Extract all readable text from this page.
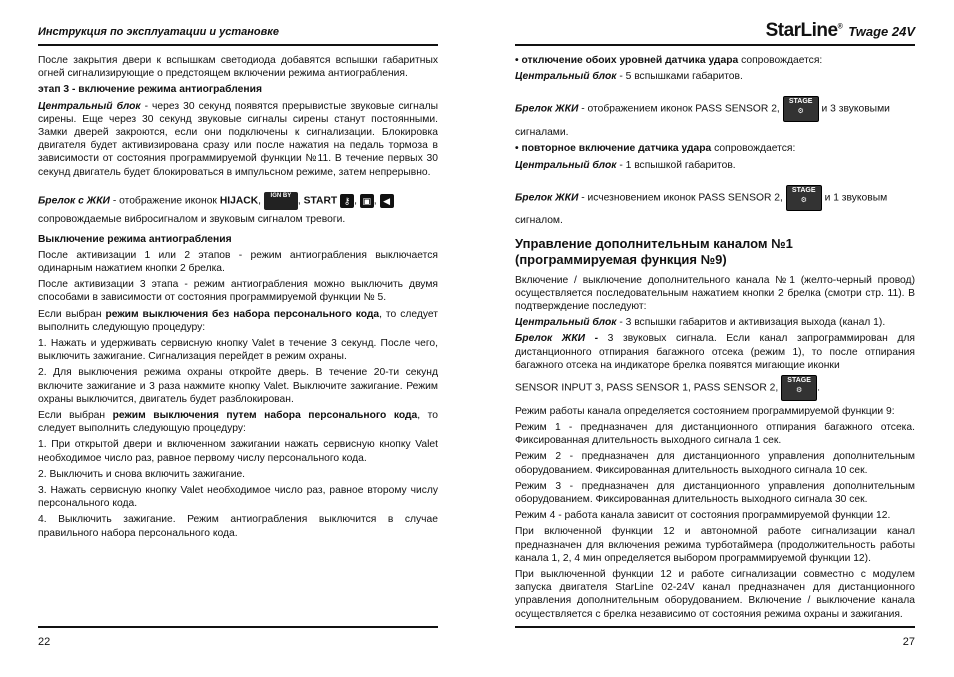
Инструкция по эксплуатации и установке

После закрытия двери к вспышкам светодиода добавятся вспышки габаритных огней сигнализирующие о предстоящем включении режима антиограбления.

этап 3 - включение режима антиограбления

Центральный блок - через 30 секунд появятся прерывистые звуковые сигналы сирены. Еще через 30 секунд звуковые сигналы сирены станут постоянными. Замки дверей закроются, если они подключены к сигнализации. Блокировка двигателя будет активизирована сразу или после нажатия на педаль тормоза в зависимости от состояния программируемой функции №11. В течение первых 30 секунд двигатель будет блокироваться в импульсном режиме, затем непрерывно.

Брелок с ЖКИ - отображение иконок HIJACK, IGN BY , START ⚷ , ▣ , ◀
сопровождаемые вибросигналом и звуковым сигналом тревоги.

Выключение режима антиограбления

После активизации 1 или 2 этапов - режим антиограбления выключается одинарным нажатием кнопки 2 брелка.

После активизации 3 этапа - режим антиограбления можно выключить двумя способами в зависимости от состояния программируемой функции № 5.

Если выбран режим выключения без набора персонального кода, то следует выполнить следующую процедуру:

1. Нажать и удерживать сервисную кнопку Valet в течение 3 секунд. После чего, выключить зажигание. Сигнализация перейдет в режим охраны.

2. Для выключения режима охраны откройте дверь. В течение 20-ти секунд включите зажигание и 3 раза нажмите кнопку Valet. Выключите зажигание. Режим охраны выключится, двигатель будет разблокирован.

Если выбран режим выключения путем набора персонального кода, то следует выполнить следующую процедуру:

1. При открытой двери и включенном зажигании нажать сервисную кнопку Valet необходимое число раз, равное первому числу персонального кода.

2. Выключить и снова включить зажигание.

3. Нажать сервисную кнопку Valet необходимое число раз, равное второму числу персонального кода.

4. Выключить зажигание. Режим антиограбления выключится в случае правильного набора персонального кода.

22
StarLine® Twage 24V

• отключение обоих уровней датчика удара сопровождается:

Центральный блок - 5 вспышками габаритов.

Брелок ЖКИ - отображением иконок PASS SENSOR 2,
STAGE
⚙	и 3 звуковыми

сигналами.

• повторное включение датчика удара сопровождается:

Центральный блок - 1 вспышкой габаритов.

Брелок ЖКИ - исчезновением иконок PASS SENSOR 2,
STAGE
⚙	и 1 звуковым

сигналом.

Управление дополнительным каналом №1
(программируемая функция №9)

Включение / выключение дополнительного канала №1 (желто-черный провод) осуществляется последовательным нажатием кнопки 2 брелка (смотри стр. 11). В подтверждение последуют:

Центральный блок - 3 вспышки габаритов и активизация выхода (канал 1).

Брелок ЖКИ - 3 звуковых сигнала. Если канал запрограммирован для дистанционного отпирания багажного отсека (режим 1), то после отпирания багажного отсека на индикаторе брелка появятся мигающие иконки

SENSOR INPUT 3, PASS SENSOR 1, PASS SENSOR 2,
STAGE
⚙	.

Режим работы канала определяется состоянием программируемой функции 9:

Режим 1 - предназначен для дистанционного отпирания багажного отсека. Фиксированная длительность выходного сигнала 1 сек.

Режим 2 - предназначен для дистанционного управления дополнительным оборудованием. Фиксированная длительность выходного сигнала 10 сек.

Режим 3 - предназначен для дистанционного управления дополнительным оборудованием. Фиксированная длительность выходного сигнала 30 сек.

Режим 4 - работа канала зависит от состояния программируемой функции 12.

При включенной функции 12 и автономной работе сигнализации канал предназначен для включения режима турботаймера (продолжительность работы канала 1, 2, 4 мин определяется выбором программируемой функции 12).

При выключенной функции 12 и работе сигнализации совместно с модулем запуска двигателя StarLine 02-24V канал предназначен для дистанционного управления дополнительным оборудованием. Включение / выключение канала осуществляется с брелка независимо от состояния режима охраны и зажигания.

27
